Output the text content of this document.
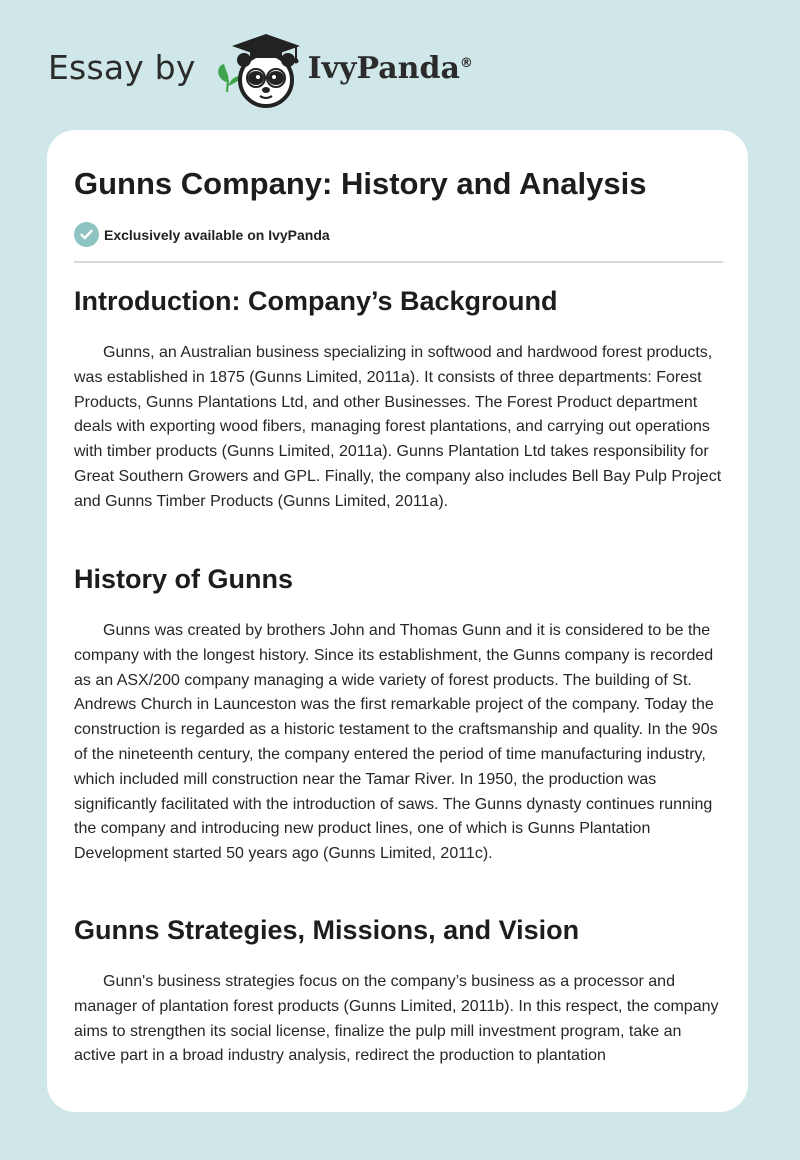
Essay by	IvyPanda®
Gunns Company: History and Analysis
Exclusively available on IvyPanda
Introduction: Company’s Background

Gunns, an Australian business specializing in softwood and hardwood forest products, was established in 1875 (Gunns Limited, 2011a). It consists of three departments: Forest Products, Gunns Plantations Ltd, and other Businesses. The Forest Product department deals with exporting wood fibers, managing forest plantations, and carrying out operations with timber products (Gunns Limited, 2011a). Gunns Plantation Ltd takes responsibility for Great Southern Growers and GPL. Finally, the company also includes Bell Bay Pulp Project and Gunns Timber Products (Gunns Limited, 2011a).

History of Gunns

Gunns was created by brothers John and Thomas Gunn and it is considered to be the company with the longest history. Since its establishment, the Gunns company is recorded as an ASX/200 company managing a wide variety of forest products. The building of St. Andrews Church in Launceston was the first remarkable project of the company. Today the construction is regarded as a historic testament to the craftsmanship and quality. In the 90s of the nineteenth century, the company entered the period of time manufacturing industry, which included mill construction near the Tamar River. In 1950, the production was significantly facilitated with the introduction of saws. The Gunns dynasty continues running the company and introducing new product lines, one of which is Gunns Plantation Development started 50 years ago (Gunns Limited, 2011c).

Gunns Strategies, Missions, and Vision

Gunn's business strategies focus on the company’s business as a processor and manager of plantation forest products (Gunns Limited, 2011b). In this respect, the company aims to strengthen its social license, finalize the pulp mill investment program, take an active part in a broad industry analysis, redirect the production to plantation
